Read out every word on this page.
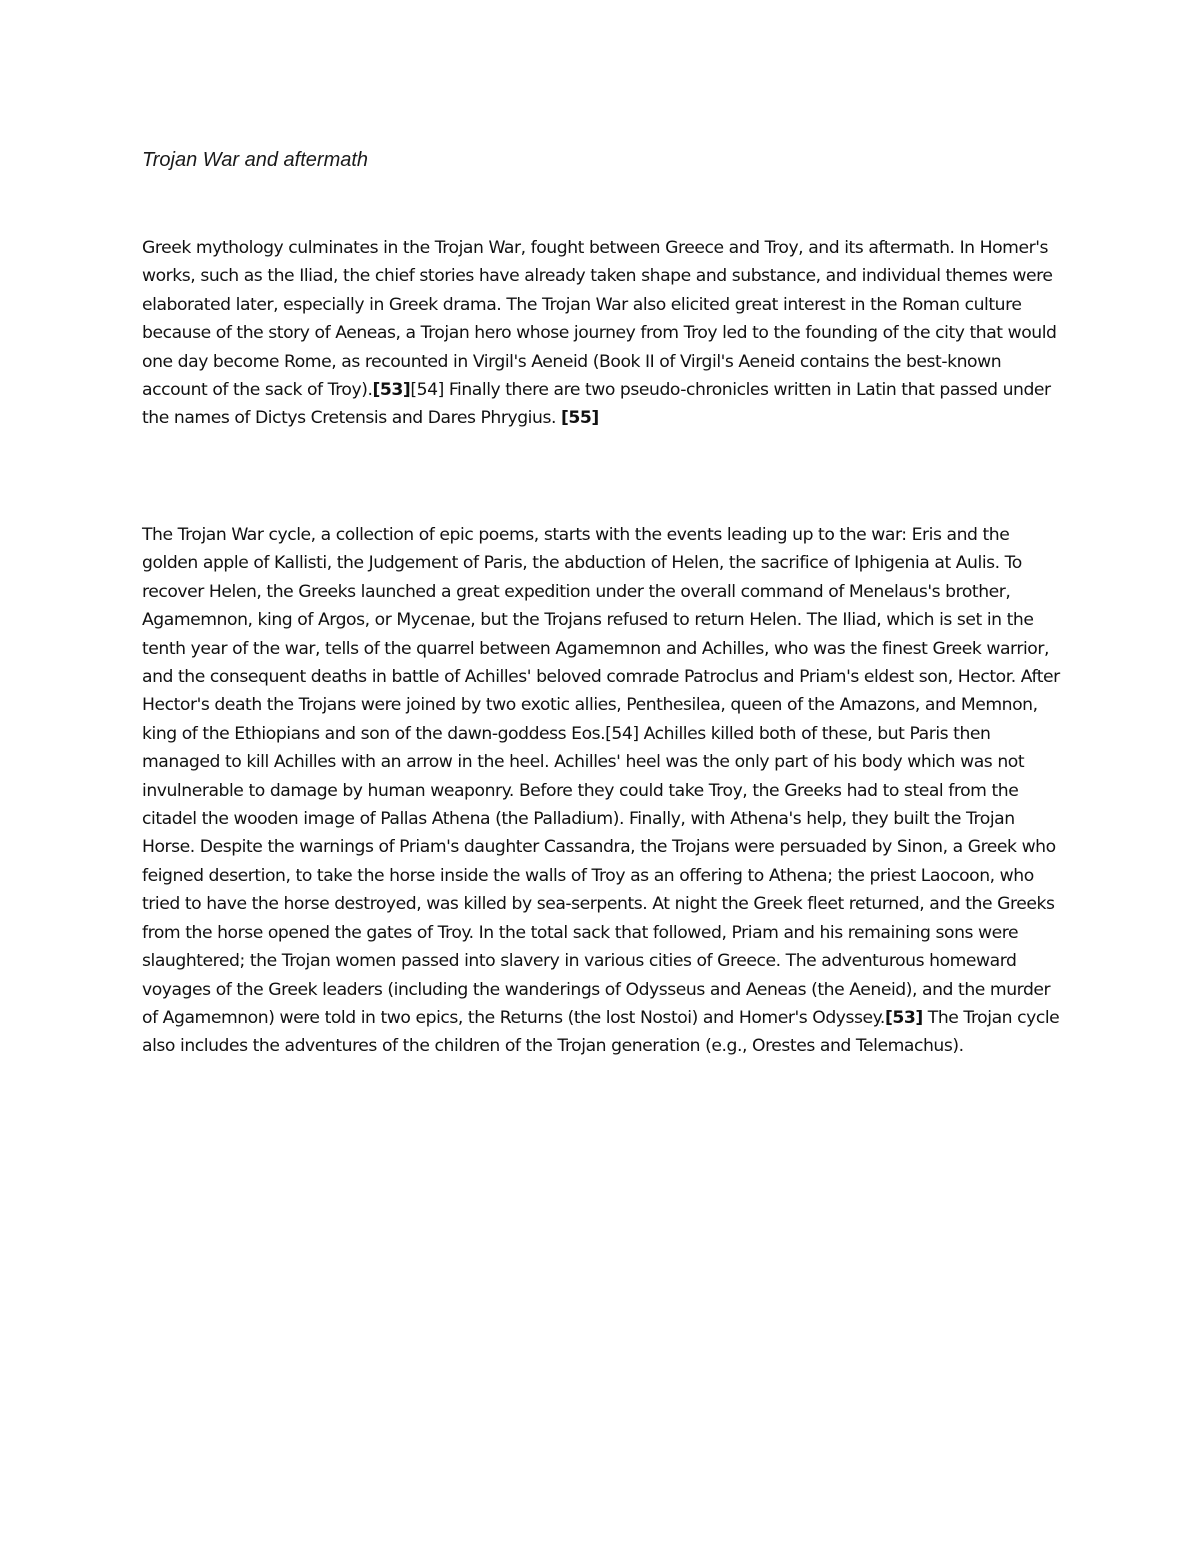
Trojan War and aftermath

Greek mythology culminates in the Trojan War, fought between Greece and Troy, and its aftermath. In Homer's works, such as the Iliad, the chief stories have already taken shape and substance, and individual themes were elaborated later, especially in Greek drama. The Trojan War also elicited great interest in the Roman culture because of the story of Aeneas, a Trojan hero whose journey from Troy led to the founding of the city that would one day become Rome, as recounted in Virgil's Aeneid (Book II of Virgil's Aeneid contains the best-known account of the sack of Troy).[53][54] Finally there are two pseudo-chronicles written in Latin that passed under the names of Dictys Cretensis and Dares Phrygius. [55]

The Trojan War cycle, a collection of epic poems, starts with the events leading up to the war: Eris and the golden apple of Kallisti, the Judgement of Paris, the abduction of Helen, the sacrifice of Iphigenia at Aulis. To recover Helen, the Greeks launched a great expedition under the overall command of Menelaus's brother, Agamemnon, king of Argos, or Mycenae, but the Trojans refused to return Helen. The Iliad, which is set in the tenth year of the war, tells of the quarrel between Agamemnon and Achilles, who was the finest Greek warrior, and the consequent deaths in battle of Achilles' beloved comrade Patroclus and Priam's eldest son, Hector. After Hector's death the Trojans were joined by two exotic allies, Penthesilea, queen of the Amazons, and Memnon, king of the Ethiopians and son of the dawn-goddess Eos.[54] Achilles killed both of these, but Paris then managed to kill Achilles with an arrow in the heel. Achilles' heel was the only part of his body which was not invulnerable to damage by human weaponry. Before they could take Troy, the Greeks had to steal from the citadel the wooden image of Pallas Athena (the Palladium). Finally, with Athena's help, they built the Trojan Horse. Despite the warnings of Priam's daughter Cassandra, the Trojans were persuaded by Sinon, a Greek who feigned desertion, to take the horse inside the walls of Troy as an offering to Athena; the priest Laocoon, who tried to have the horse destroyed, was killed by sea-serpents. At night the Greek fleet returned, and the Greeks from the horse opened the gates of Troy. In the total sack that followed, Priam and his remaining sons were slaughtered; the Trojan women passed into slavery in various cities of Greece. The adventurous homeward voyages of the Greek leaders (including the wanderings of Odysseus and Aeneas (the Aeneid), and the murder of Agamemnon) were told in two epics, the Returns (the lost Nostoi) and Homer's Odyssey.[53] The Trojan cycle also includes the adventures of the children of the Trojan generation (e.g., Orestes and Telemachus).
